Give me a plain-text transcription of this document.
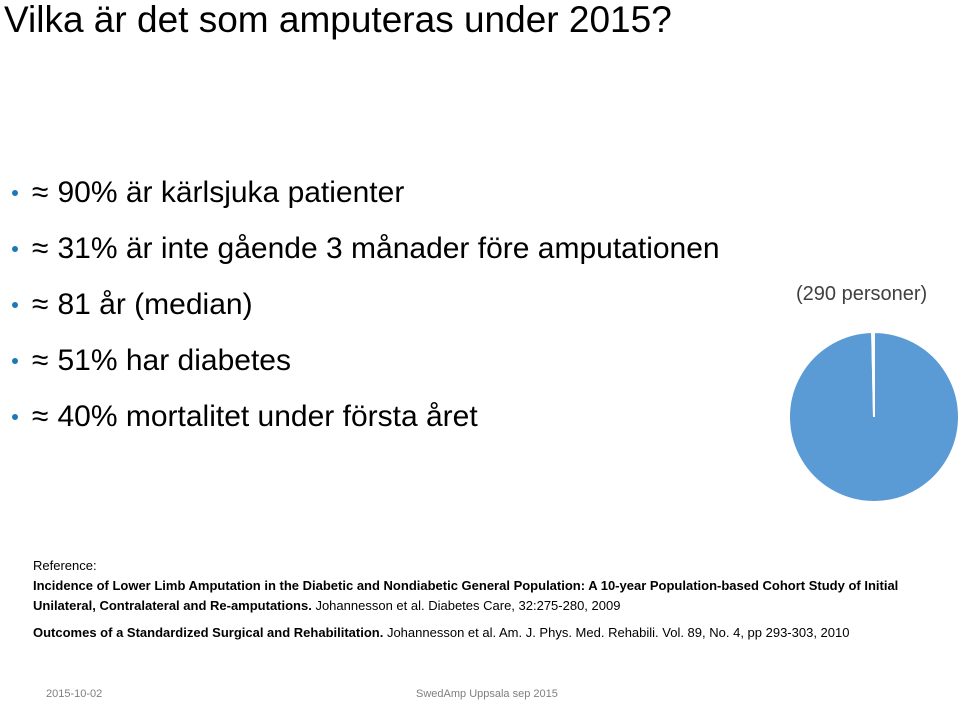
Vilka är det som amputeras under 2015?
≈ 90% är kärlsjuka patienter
≈ 31% är inte gående 3 månader före amputationen
≈ 81 år (median)
≈ 51% har diabetes
≈ 40% mortalitet under första året
(290 personer)
Reference:
Incidence of Lower Limb Amputation in the Diabetic and Nondiabetic General Population: A 10-year Population-based Cohort Study of Initial Unilateral, Contralateral and Re-amputations. Johannesson et al. Diabetes Care, 32:275-280, 2009
Outcomes of a Standardized Surgical and Rehabilitation. Johannesson et al. Am. J. Phys. Med. Rehabili. Vol. 89, No. 4, pp 293-303, 2010
2015-10-02	SwedAmp Uppsala sep 2015
